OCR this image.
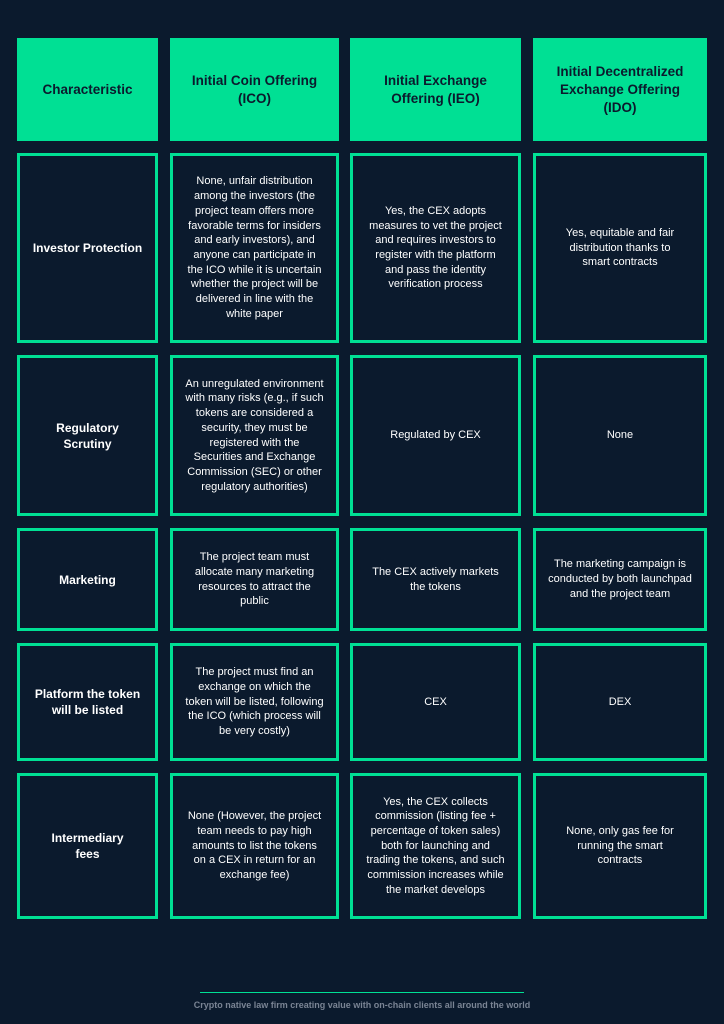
Characteristic
Initial Coin Offering (ICO)
Initial Exchange Offering (IEO)
Initial Decentralized Exchange Offering (IDO)
Investor Protection
None, unfair distribution among the investors (the project team offers more favorable terms for insiders and early investors), and anyone can participate in the ICO while it is uncertain whether the project will be delivered in line with the white paper
Yes, the CEX adopts measures to vet the project and requires investors to register with the platform and pass the identity verification process
Yes, equitable and fair distribution thanks to smart contracts
Regulatory Scrutiny
An unregulated environment with many risks (e.g., if such tokens are considered a security, they must be registered with the Securities and Exchange Commission (SEC) or other regulatory authorities)
Regulated by CEX	None
Marketing
The project team must allocate many marketing resources to attract the public
The CEX actively markets the tokens
The marketing campaign is conducted by both launchpad and the project team
Platform the token will be listed
The project must find an exchange on which the token will be listed, following the ICO (which process will be very costly)
CEX	DEX
Intermediary fees
None (However, the project team needs to pay high amounts to list the tokens on a CEX in return for an exchange fee)
Yes, the CEX collects commission (listing fee + percentage of token sales) both for launching and trading the tokens, and such commission increases while the market develops
None, only gas fee for running the smart contracts
Crypto native law firm creating value with on-chain clients all around the world
